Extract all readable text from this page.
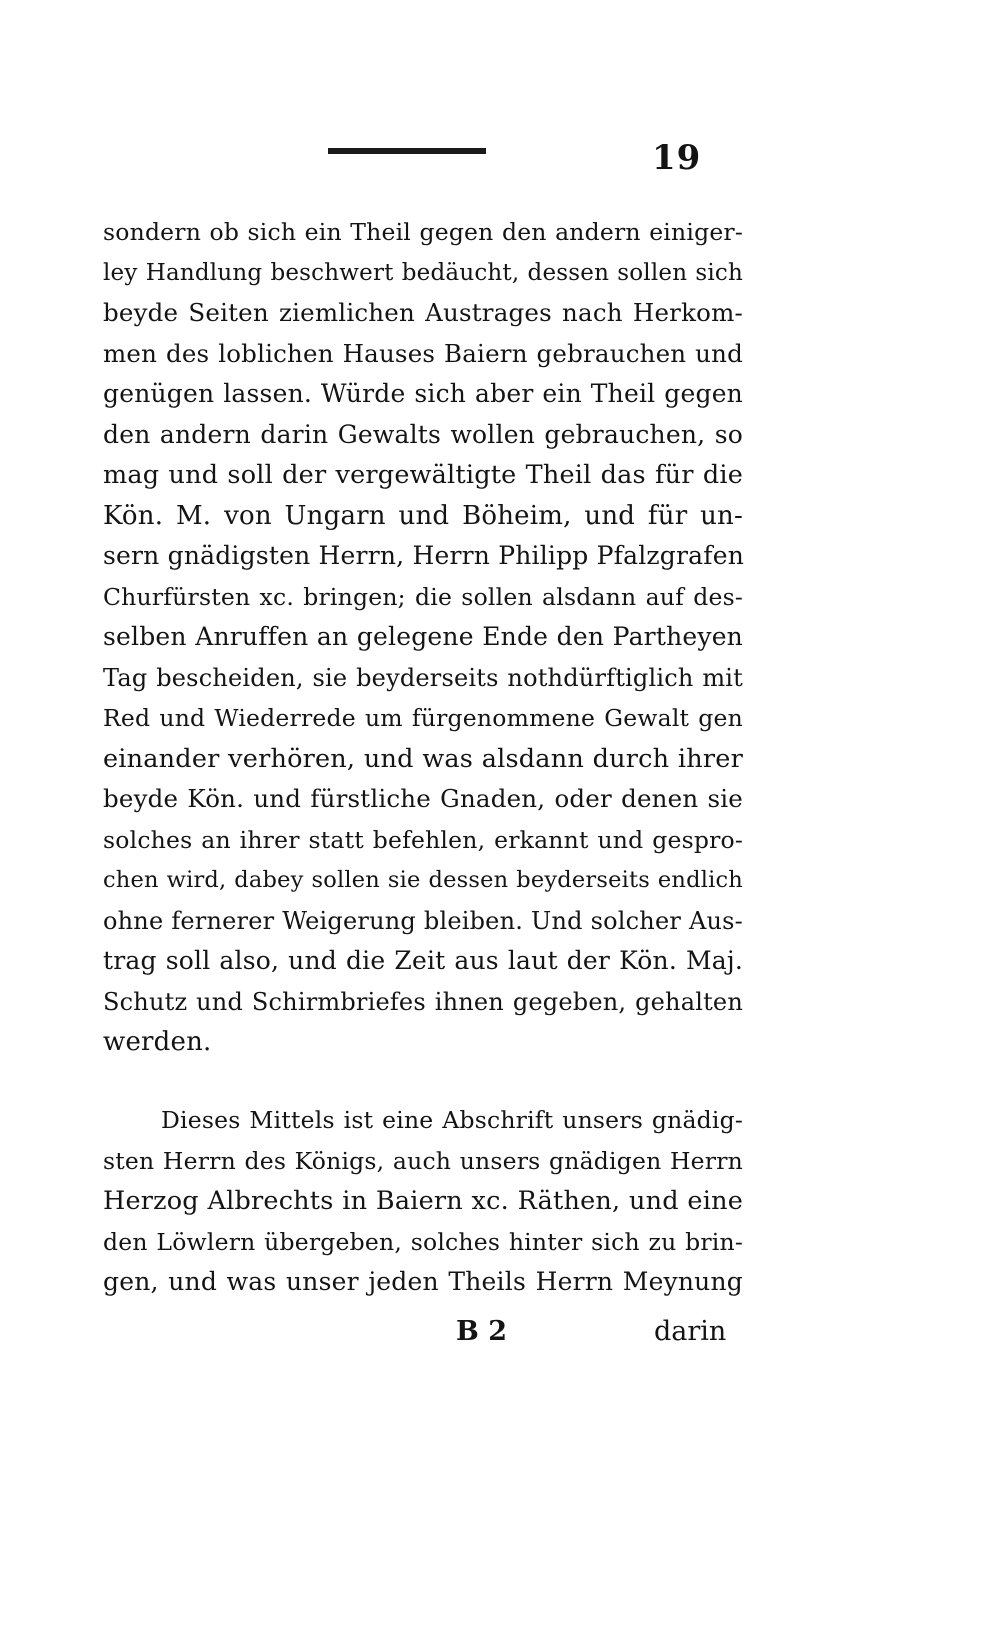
19

sondern ob sich ein Theil gegen den andern einiger-
ley Handlung beschwert bedäucht, dessen sollen sich
beyde Seiten ziemlichen Austrages nach Herkom-
men des loblichen Hauses Baiern gebrauchen und
genügen lassen. Würde sich aber ein Theil gegen
den andern darin Gewalts wollen gebrauchen, so
mag und soll der vergewältigte Theil das für die
Kön. M. von Ungarn und Böheim, und für un-
sern gnädigsten Herrn, Herrn Philipp Pfalzgrafen
Churfürsten xc. bringen; die sollen alsdann auf des-
selben Anruffen an gelegene Ende den Partheyen
Tag bescheiden, sie beyderseits nothdürftiglich mit
Red und Wiederrede um fürgenommene Gewalt gen
einander verhören, und was alsdann durch ihrer
beyde Kön. und fürstliche Gnaden, oder denen sie
solches an ihrer statt befehlen, erkannt und gespro-
chen wird, dabey sollen sie dessen beyderseits endlich
ohne fernerer Weigerung bleiben. Und solcher Aus-
trag soll also, und die Zeit aus laut der Kön. Maj.
Schutz und Schirmbriefes ihnen gegeben, gehalten
werden.

Dieses Mittels ist eine Abschrift unsers gnädig-
sten Herrn des Königs, auch unsers gnädigen Herrn
Herzog Albrechts in Baiern xc. Räthen, und eine
den Löwlern übergeben, solches hinter sich zu brin-
gen, und was unser jeden Theils Herrn Meynung

B 2	darin
